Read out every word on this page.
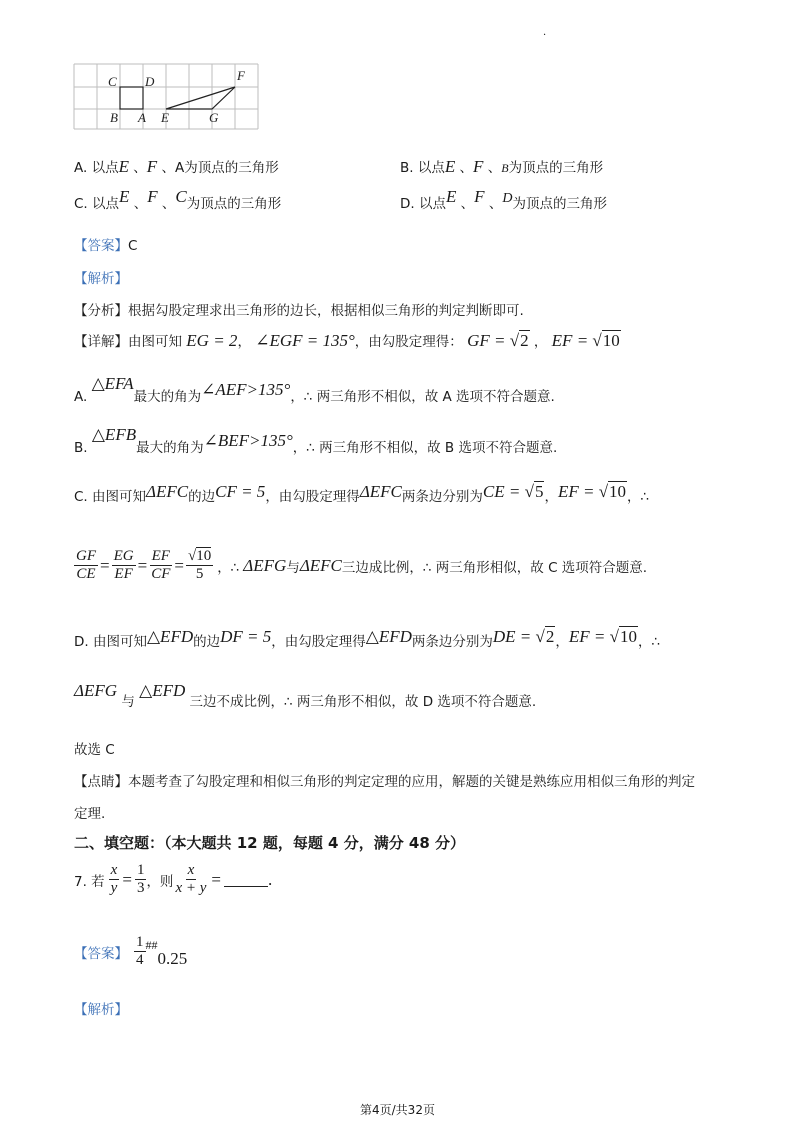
·
C D	F
B A E	G
A. 以点E 、F 、A为顶点的三角形	B. 以点E 、F 、B为顶点的三角形
C. 以点E 、F 、C为顶点的三角形	D. 以点E 、F 、D为顶点的三角形
【答案】C
【解析】
【分析】根据勾股定理求出三角形的边长，根据相似三角形的判定判断即可.
【详解】由图可知 EG = 2， ∠EGF = 135°，由勾股定理得： GF = √2 ， EF = √10
A. △EFA最大的角为∠AEF>135°，∴ 两三角形不相似，故 A 选项不符合题意.
B. △EFB最大的角为∠BEF>135°，∴ 两三角形不相似，故 B 选项不符合题意.
C. 由图可知ΔEFC的边CF = 5，由勾股定理得ΔEFC两条边分别为CE = √5，EF = √10，∴
$\frac{GF}{CE} = \frac{EG}{EF} = \frac{EF}{CF} = \frac{√10}{5}$ ，∴ ΔEFG 与 ΔEFC 三边成比例，∴ 两三角形相似，故 C 选项符合题意.
D. 由图可知△EFD的边DF = 5，由勾股定理得△EFD两条边分别为DE = √2，EF = √10，∴
ΔEFG 与 △EFD 三边不成比例，∴ 两三角形不相似，故 D 选项不符合题意.
故选 C
【点睛】本题考查了勾股定理和相似三角形的判定定理的应用，解题的关键是熟练应用相似三角形的判定
定理.
二、填空题：（本大题共 12 题，每题 4 分，满分 48 分）
7. 若 $\frac{x}{y} = \frac{1}{3}$ ，则 $\frac{x}{x + y}$ =	.
【答案】 $\frac{1}{4}$ ##
0.25
【解析】
第4页/共32页
